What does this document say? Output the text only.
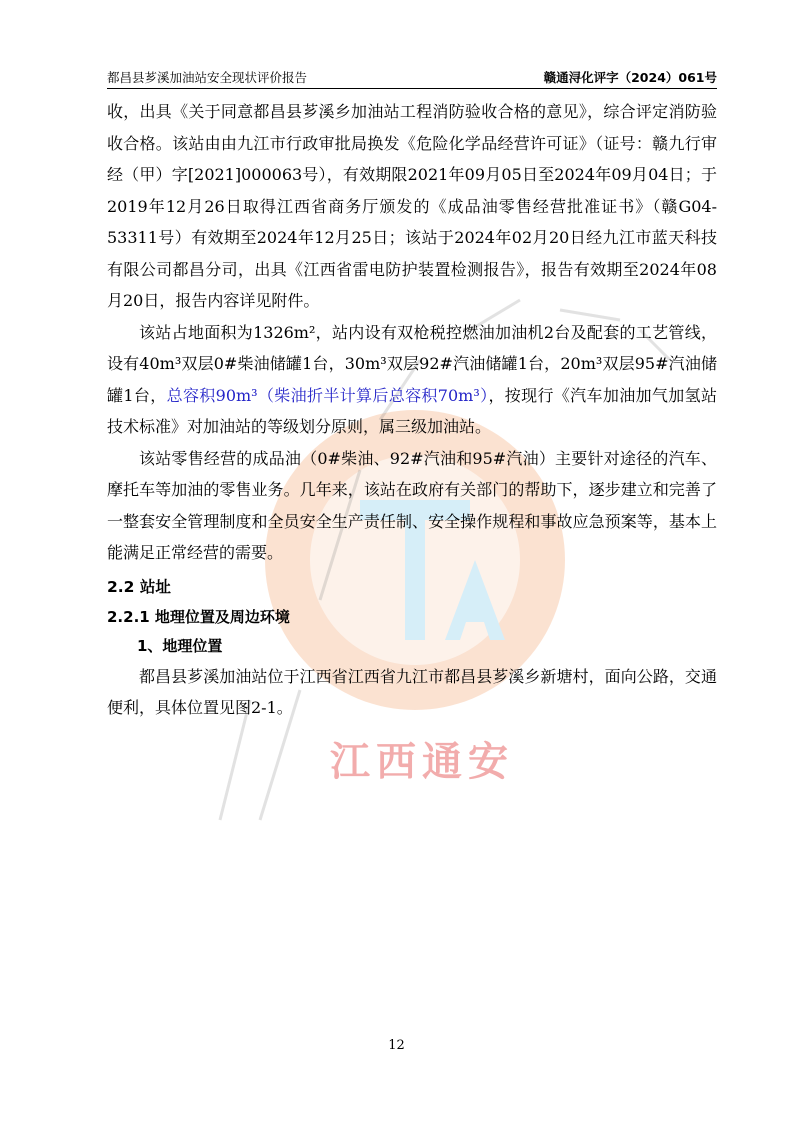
江西通安
都昌县芗溪加油站安全现状评价报告	赣通浔化评字（2024）061号

收，出具《关于同意都昌县芗溪乡加油站工程消防验收合格的意见》，综合评定消防验收合格。该站由由九江市行政审批局换发《危险化学品经营许可证》（证号：赣九行审经（甲）字[2021]000063号），有效期限2021年09月05日至2024年09月04日；于2019年12月26日取得江西省商务厅颁发的《成品油零售经营批准证书》（赣G04-53311号）有效期至2024年12月25日；该站于2024年02月20日经九江市蓝天科技有限公司都昌分司，出具《江西省雷电防护装置检测报告》，报告有效期至2024年08月20日，报告内容详见附件。

该站占地面积为1326m²，站内设有双枪税控燃油加油机2台及配套的工艺管线，设有40m³双层0#柴油储罐1台，30m³双层92#汽油储罐1台，20m³双层95#汽油储罐1台，总容积90m³（柴油折半计算后总容积70m³），按现行《汽车加油加气加氢站技术标准》对加油站的等级划分原则，属三级加油站。

该站零售经营的成品油（0#柴油、92#汽油和95#汽油）主要针对途径的汽车、摩托车等加油的零售业务。几年来，该站在政府有关部门的帮助下，逐步建立和完善了一整套安全管理制度和全员安全生产责任制、安全操作规程和事故应急预案等，基本上能满足正常经营的需要。

2.2 站址

2.2.1 地理位置及周边环境

1、地理位置

都昌县芗溪加油站位于江西省江西省九江市都昌县芗溪乡新塘村，面向公路，交通便利，具体位置见图2-1。

12
